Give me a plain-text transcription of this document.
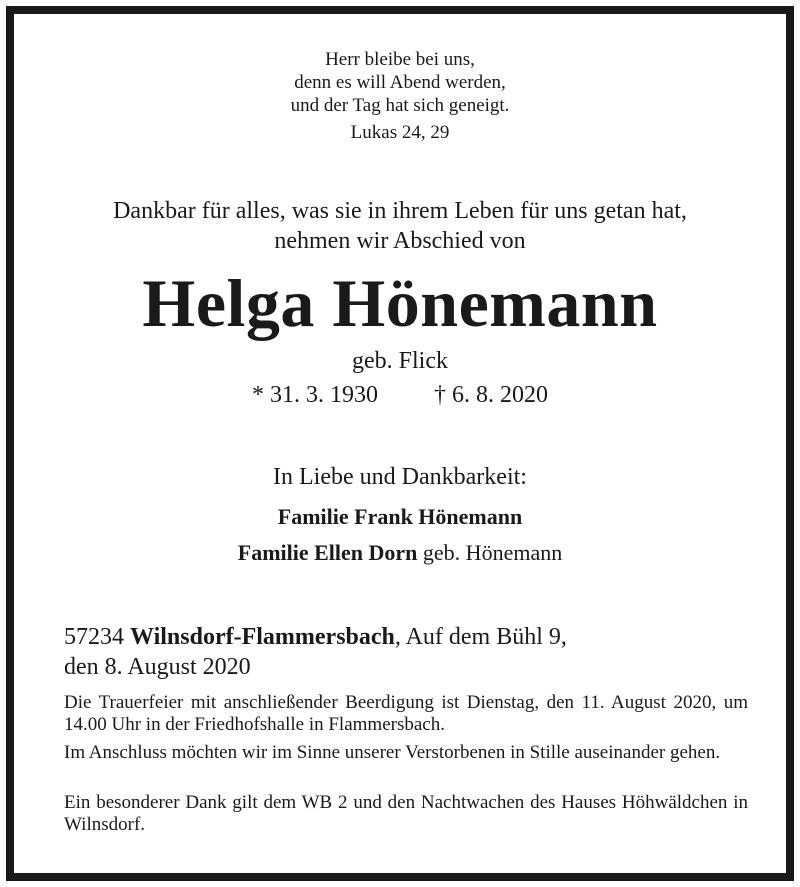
Herr bleibe bei uns,
denn es will Abend werden,
und der Tag hat sich geneigt.
Lukas 24, 29
Dankbar für alles, was sie in ihrem Leben für uns getan hat,
nehmen wir Abschied von
Helga Hönemann
geb. Flick
* 31. 3. 1930 † 6. 8. 2020
In Liebe und Dankbarkeit:
Familie Frank Hönemann
Familie Ellen Dorn geb. Hönemann
57234 Wilnsdorf-Flammersbach, Auf dem Bühl 9,
den 8. August 2020
Die Trauerfeier mit anschließender Beerdigung ist Dienstag, den 11. August 2020, um 14.00 Uhr in der Friedhofshalle in Flammersbach.
Im Anschluss möchten wir im Sinne unserer Verstorbenen in Stille auseinander gehen.
Ein besonderer Dank gilt dem WB 2 und den Nachtwachen des Hauses Höhwäldchen in Wilnsdorf.
